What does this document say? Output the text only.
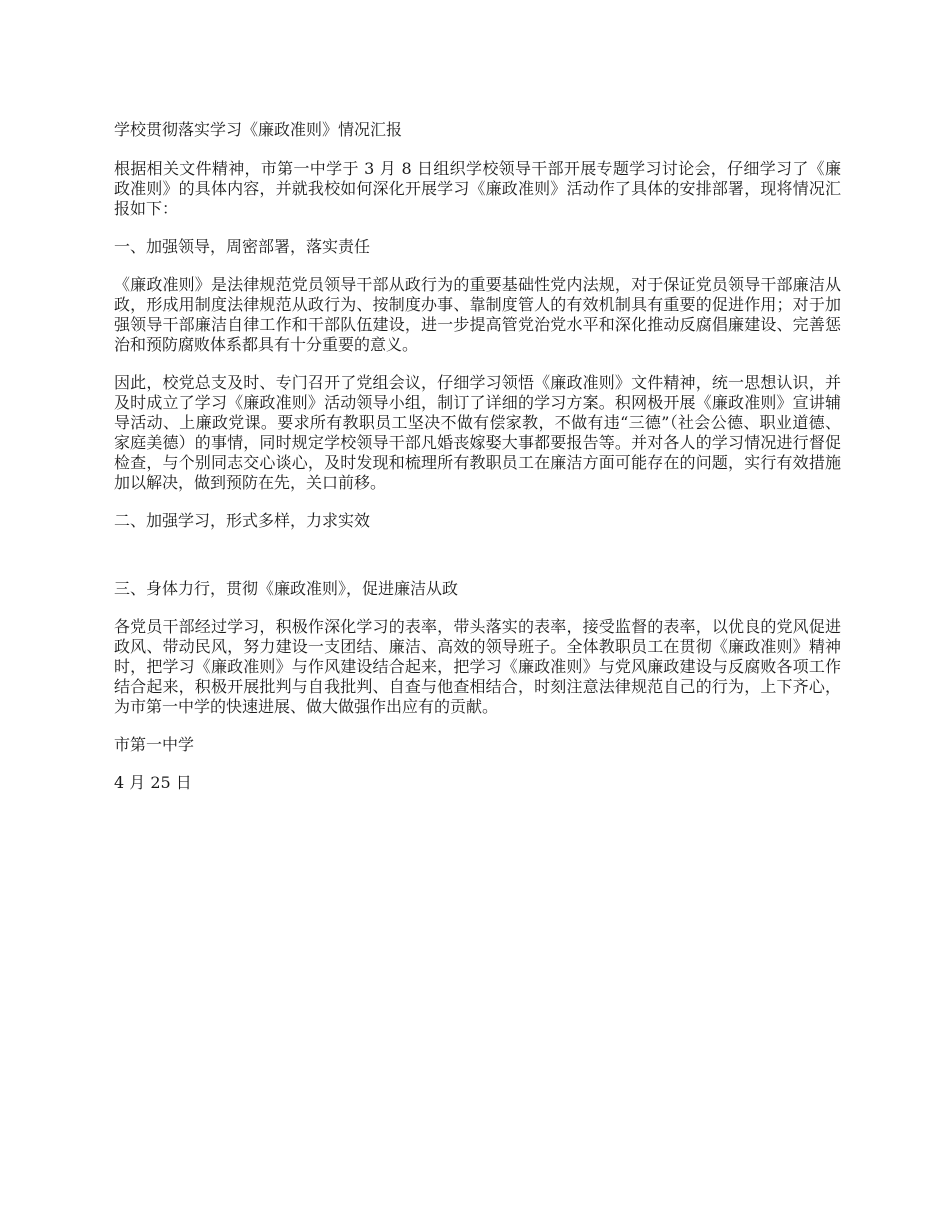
学校贯彻落实学习《廉政准则》情况汇报

根据相关文件精神，市第一中学于 3 月 8 日组织学校领导干部开展专题学习讨论会，仔细学习了《廉政准则》的具体内容，并就我校如何深化开展学习《廉政准则》活动作了具体的安排部署，现将情况汇报如下：

一、加强领导，周密部署，落实责任

《廉政准则》是法律规范党员领导干部从政行为的重要基础性党内法规，对于保证党员领导干部廉洁从政，形成用制度法律规范从政行为、按制度办事、靠制度管人的有效机制具有重要的促进作用；对于加强领导干部廉洁自律工作和干部队伍建设，进一步提高管党治党水平和深化推动反腐倡廉建设、完善惩治和预防腐败体系都具有十分重要的意义。

因此，校党总支及时、专门召开了党组会议，仔细学习领悟《廉政准则》文件精神，统一思想认识，并及时成立了学习《廉政准则》活动领导小组，制订了详细的学习方案。积网极开展《廉政准则》宣讲辅导活动、上廉政党课。要求所有教职员工坚决不做有偿家教，不做有违“三德”（社会公德、职业道德、家庭美德）的事情，同时规定学校领导干部凡婚丧嫁娶大事都要报告等。并对各人的学习情况进行督促检查，与个别同志交心谈心，及时发现和梳理所有教职员工在廉洁方面可能存在的问题，实行有效措施加以解决，做到预防在先，关口前移。

二、加强学习，形式多样，力求实效

三、身体力行，贯彻《廉政准则》，促进廉洁从政

各党员干部经过学习，积极作深化学习的表率，带头落实的表率，接受监督的表率，以优良的党风促进政风、带动民风，努力建设一支团结、廉洁、高效的领导班子。全体教职员工在贯彻《廉政准则》精神时，把学习《廉政准则》与作风建设结合起来，把学习《廉政准则》与党风廉政建设与反腐败各项工作结合起来，积极开展批判与自我批判、自查与他查相结合，时刻注意法律规范自己的行为，上下齐心，为市第一中学的快速进展、做大做强作出应有的贡献。

市第一中学

4 月 25 日
